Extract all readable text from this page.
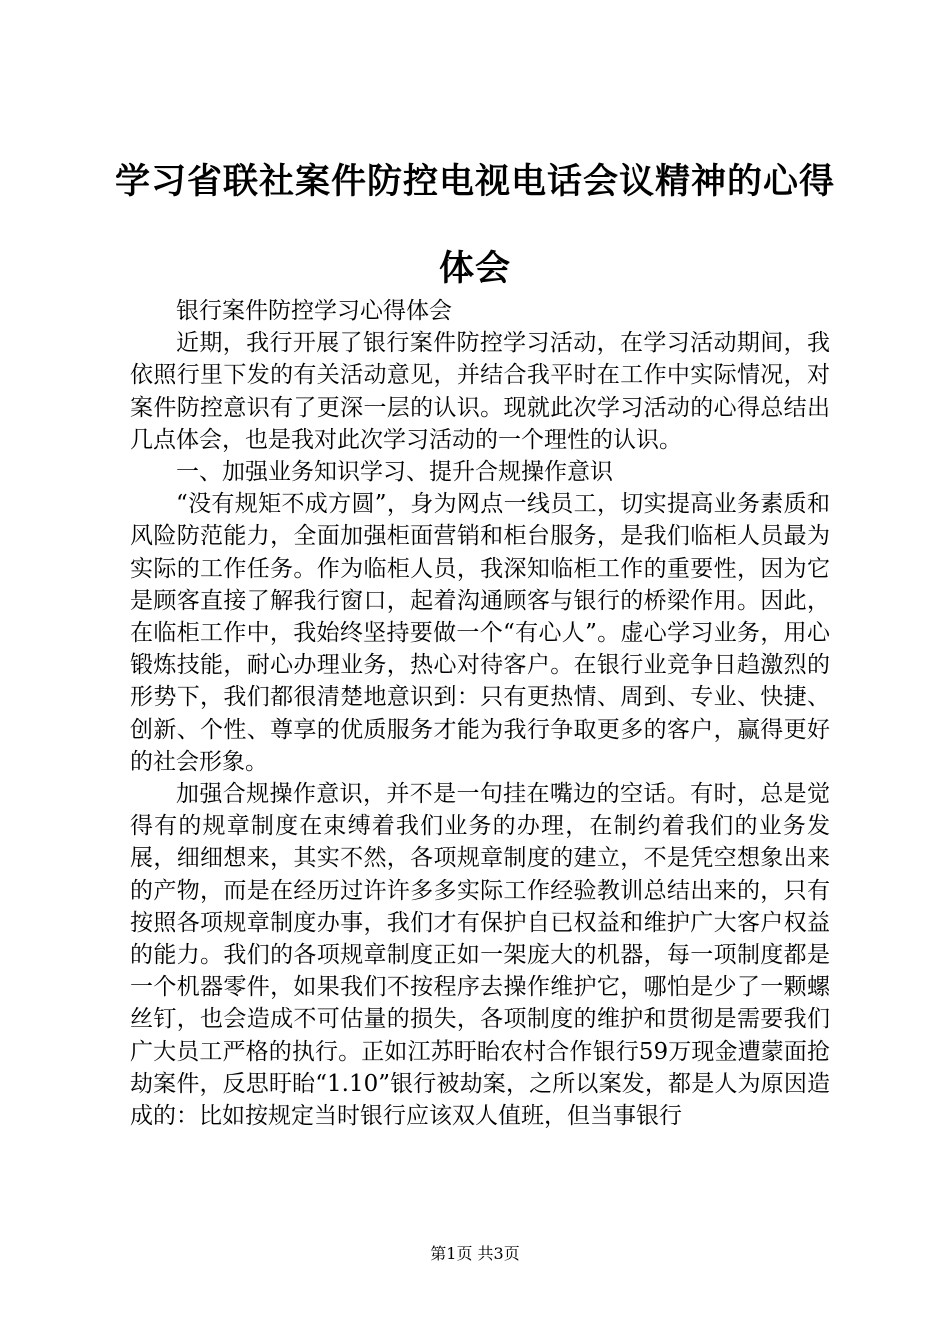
学习省联社案件防控电视电话会议精神的心得
体会

银行案件防控学习心得体会

近期，我行开展了银行案件防控学习活动，在学习活动期间，我依照行里下发的有关活动意见，并结合我平时在工作中实际情况，对案件防控意识有了更深一层的认识。现就此次学习活动的心得总结出几点体会，也是我对此次学习活动的一个理性的认识。

一、加强业务知识学习、提升合规操作意识

“没有规矩不成方圆”，身为网点一线员工，切实提高业务素质和风险防范能力，全面加强柜面营销和柜台服务，是我们临柜人员最为实际的工作任务。作为临柜人员，我深知临柜工作的重要性，因为它是顾客直接了解我行窗口，起着沟通顾客与银行的桥梁作用。因此，在临柜工作中，我始终坚持要做一个“有心人”。虚心学习业务，用心锻炼技能，耐心办理业务，热心对待客户。在银行业竞争日趋激烈的形势下，我们都很清楚地意识到：只有更热情、周到、专业、快捷、创新、个性、尊享的优质服务才能为我行争取更多的客户，赢得更好的社会形象。

加强合规操作意识，并不是一句挂在嘴边的空话。有时，总是觉得有的规章制度在束缚着我们业务的办理，在制约着我们的业务发展，细细想来，其实不然，各项规章制度的建立，不是凭空想象出来的产物，而是在经历过许许多多实际工作经验教训总结出来的，只有按照各项规章制度办事，我们才有保护自已权益和维护广大客户权益的能力。我们的各项规章制度正如一架庞大的机器，每一项制度都是一个机器零件，如果我们不按程序去操作维护它，哪怕是少了一颗螺丝钉，也会造成不可估量的损失，各项制度的维护和贯彻是需要我们广大员工严格的执行。正如江苏盱眙农村合作银行59万现金遭蒙面抢劫案件，反思盱眙“1.10”银行被劫案，之所以案发，都是人为原因造成的：比如按规定当时银行应该双人值班，但当事银行

第1页 共3页
